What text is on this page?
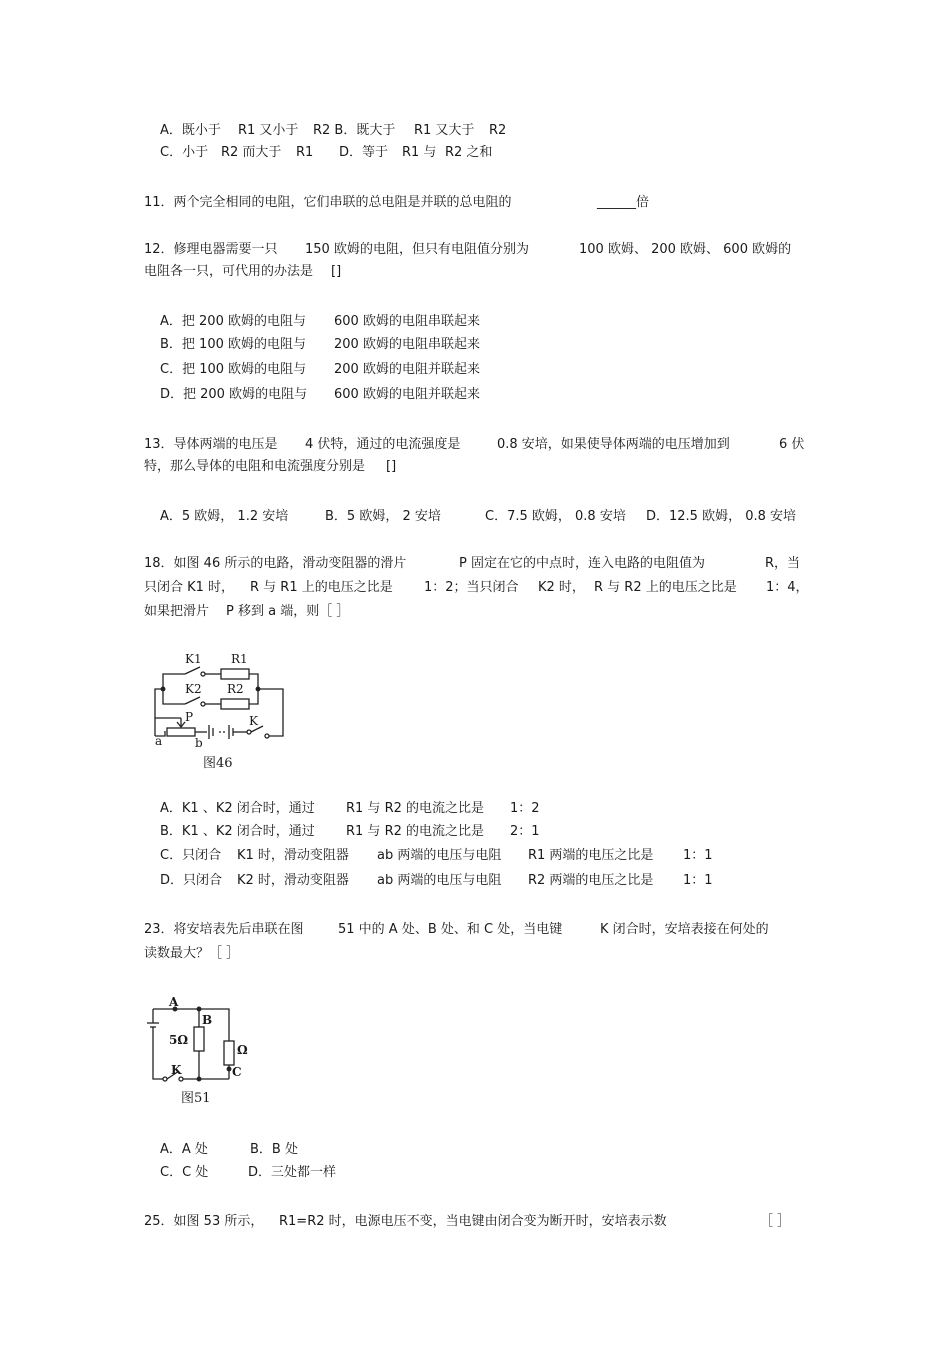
A．既小于 R1 又小于 R2 B．既大于 R1 又大于 R2
C．小于 R2 而大于 R1 D．等于 R1 与 R2 之和
11．两个完全相同的电阻，它们串联的总电阻是并联的总电阻的	______倍
12．修理电器需要一只 150 欧姆的电阻，但只有电阻值分别为	100 欧姆、 200 欧姆、 600 欧姆的
电阻各一只，可代用的办法是 []
A．把 200 欧姆的电阻与 600 欧姆的电阻串联起来
B．把 100 欧姆的电阻与 200 欧姆的电阻串联起来
C．把 100 欧姆的电阻与 200 欧姆的电阻并联起来
D．把 200 欧姆的电阻与 600 欧姆的电阻并联起来
13．导体两端的电压是 4 伏特，通过的电流强度是	0.8 安培，如果使导体两端的电压增加到	6 伏
特，那么导体的电阻和电流强度分别是 []
A．5 欧姆， 1.2 安培	B．5 欧姆， 2 安培	C．7.5 欧姆， 0.8 安培 D．12.5 欧姆， 0.8 安培
18．如图 46 所示的电路，滑动变阻器的滑片	P 固定在它的中点时，连入电路的电阻值为	R，当
只闭合 K1 时， R 与 R1 上的电压之比是 1：2；当只闭合 K2 时， R 与 R2 上的电压之比是 1：4，
如果把滑片 P 移到 a 端，则［ ］
K1 R1
K2 R2
P	K
a	b
图46
A．K1 、K2 闭合时，通过 R1 与 R2 的电流之比是 1：2
B．K1 、K2 闭合时，通过 R1 与 R2 的电流之比是 2：1
C．只闭合 K1 时，滑动变阻器 ab 两端的电压与电阻 R1 两端的电压之比是 1：1
D．只闭合 K2 时，滑动变阻器 ab 两端的电压与电阻 R2 两端的电压之比是 1：1
23．将安培表先后串联在图	51 中的 A 处、B 处、和 C 处，当电键	K 闭合时，安培表接在何处的
读数最大？［ ］
A
B
C
K
5Ω
Ω
图51
A．A 处	B．B 处
C．C 处	D．三处都一样
25．如图 53 所示， R1=R2 时，电源电压不变，当电键由闭合变为断开时，安培表示数	［ ］
